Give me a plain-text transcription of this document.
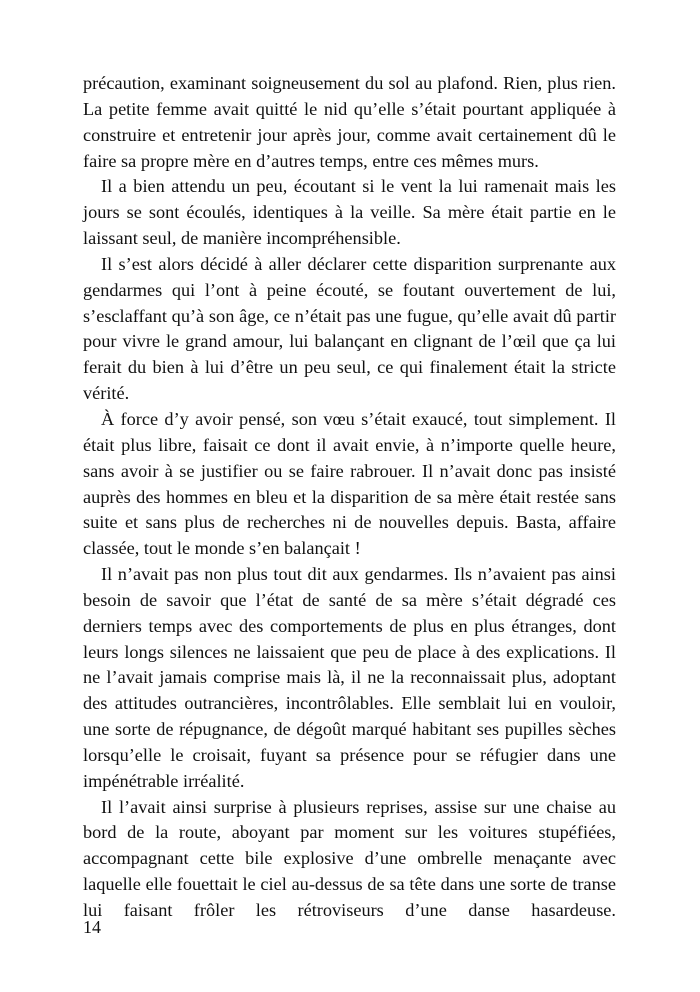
précaution, examinant soigneusement du sol au plafond. Rien, plus rien. La petite femme avait quitté le nid qu’elle s’était pourtant appliquée à construire et entretenir jour après jour, comme avait certainement dû le faire sa propre mère en d’autres temps, entre ces mêmes murs.

Il a bien attendu un peu, écoutant si le vent la lui ramenait mais les jours se sont écoulés, identiques à la veille. Sa mère était partie en le laissant seul, de manière incompréhensible.

Il s’est alors décidé à aller déclarer cette disparition surprenante aux gendarmes qui l’ont à peine écouté, se foutant ouvertement de lui, s’esclaffant qu’à son âge, ce n’était pas une fugue, qu’elle avait dû partir pour vivre le grand amour, lui balançant en clignant de l’œil que ça lui ferait du bien à lui d’être un peu seul, ce qui finalement était la stricte vérité.

À force d’y avoir pensé, son vœu s’était exaucé, tout simplement. Il était plus libre, faisait ce dont il avait envie, à n’importe quelle heure, sans avoir à se justifier ou se faire rabrouer. Il n’avait donc pas insisté auprès des hommes en bleu et la disparition de sa mère était restée sans suite et sans plus de recherches ni de nouvelles depuis. Basta, affaire classée, tout le monde s’en balançait !

Il n’avait pas non plus tout dit aux gendarmes. Ils n’avaient pas ainsi besoin de savoir que l’état de santé de sa mère s’était dégradé ces derniers temps avec des comportements de plus en plus étranges, dont leurs longs silences ne laissaient que peu de place à des explications. Il ne l’avait jamais comprise mais là, il ne la reconnaissait plus, adoptant des attitudes outrancières, incontrôlables. Elle semblait lui en vouloir, une sorte de répugnance, de dégoût marqué habitant ses pupilles sèches lorsqu’elle le croisait, fuyant sa présence pour se réfugier dans une impénétrable irréalité.

Il l’avait ainsi surprise à plusieurs reprises, assise sur une chaise au bord de la route, aboyant par moment sur les voitures stupéfiées, accompagnant cette bile explosive d’une ombrelle menaçante avec laquelle elle fouettait le ciel au-dessus de sa tête dans une sorte de transe lui faisant frôler les rétroviseurs d’une danse hasardeuse.

14
